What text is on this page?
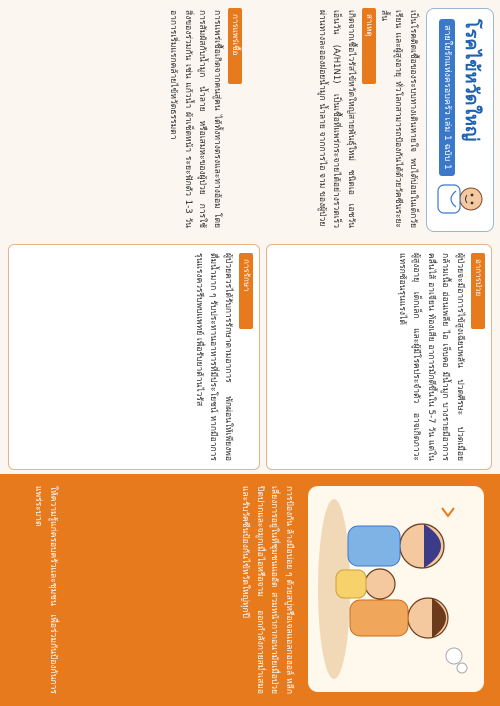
โรคไข้หวัดใหญ่
สายใยรักแห่งครอบครัว เล่ม 1 ฉบับ 1
เป็นโรคติดเชื้อของระบบทางเดินหายใจ พบได้บ่อยในเด็กวัยเรียน และผู้สูงอายุ ทั่วโลกสามารถป้องกันได้ด้วยวัคซีนระยะสั้น
สาเหตุ
เกิดจากเชื้อไวรัสไข้หวัดใหญ่สายพันธุ์ใหม่ ชนิดเอ เอชวันเอ็นวัน (A/H1N1) เป็นเชื้อที่แพร่กระจายได้อย่างรวดเร็ว ผ่านทางละอองฝอยน้ำมูก น้ำลาย จากการไอ จาม ของผู้ป่วย
การแพร่เชื้อ
การแพร่เชื้อเกิดจากคนสู่คน ได้ทั้งทางตรงและทางอ้อม โดยการสัมผัสกับน้ำมูก น้ำลาย หรือเสมหะของผู้ป่วย การใช้สิ่งของร่วมกัน เช่น แก้วน้ำ ผ้าเช็ดหน้า ระยะฟักตัว 1-3 วัน อาการเริ่มแรกคล้ายไข้หวัดธรรมดา
อาการป่วย
ผู้ป่วยจะมีอาการไข้สูงเฉียบพลัน ปวดศีรษะ ปวดเมื่อยกล้ามเนื้อ อ่อนเพลีย ไอ เจ็บคอ มีน้ำมูก บางรายมีอาการคลื่นไส้ อาเจียน ท้องเสีย อาการมักดีขึ้นใน 5-7 วัน แต่ในผู้สูงอายุ เด็กเล็ก และผู้มีโรคประจำตัว อาจเกิดภาวะแทรกซ้อนรุนแรงได้
การรักษา
ผู้ป่วยควรได้รับการรักษาตามอาการ พักผ่อนให้เพียงพอ ดื่มน้ำมาก ๆ รับประทานอาหารที่มีประโยชน์ หากมีอาการรุนแรงควรรีบพบแพทย์ เพื่อรับยาต้านไวรัส
การป้องกัน ล้างมือบ่อย ๆ ด้วยสบู่หรือเจลแอลกอฮอล์ หลีกเลี่ยงการอยู่ในที่ชุมชนแออัด สวมหน้ากากอนามัยเมื่อป่วย ปิดปากและจมูกเมื่อไอหรือจาม ออกกำลังกายสม่ำเสมอ และรับวัคซีนป้องกันไข้หวัดใหญ่ทุกปี
ให้ความรู้แก่ครอบครัวและชุมชน เพื่อร่วมกันป้องกันการแพร่ระบาด
